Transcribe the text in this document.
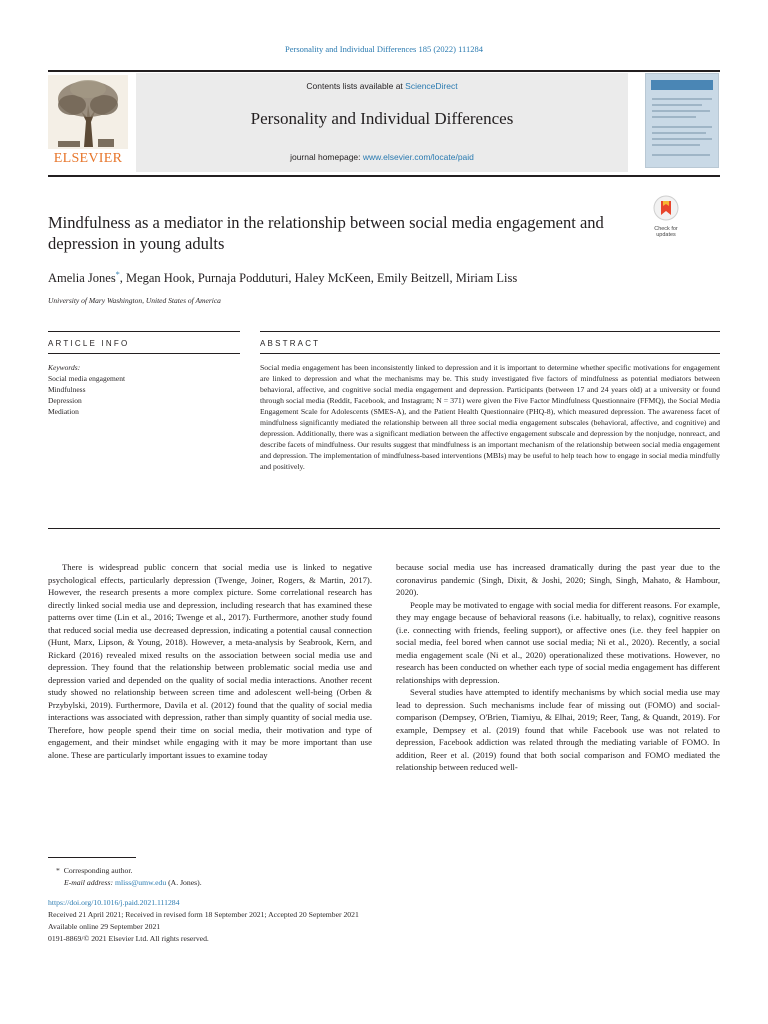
Personality and Individual Differences 185 (2022) 111284
ELSEVIER
Contents lists available at ScienceDirect
Personality and Individual Differences
journal homepage: www.elsevier.com/locate/paid
Mindfulness as a mediator in the relationship between social media engagement and depression in young adults
Check for
updates
Amelia Jones*, Megan Hook, Purnaja Podduturi, Haley McKeen, Emily Beitzell, Miriam Liss
University of Mary Washington, United States of America
ARTICLE INFO	ABSTRACT
Keywords:
Social media engagement
Mindfulness
Depression
Mediation
Social media engagement has been inconsistently linked to depression and it is important to determine whether specific motivations for engagement are linked to depression and what the mechanisms may be. This study investigated five factors of mindfulness as potential mediators between behavioral, affective, and cognitive social media engagement and depression. Participants (between 17 and 24 years old) at a university or found through social media (Reddit, Facebook, and Instagram; N = 371) were given the Five Factor Mindfulness Questionnaire (FFMQ), the Social Media Engagement Scale for Adolescents (SMES-A), and the Patient Health Questionnaire (PHQ-8), which measured depression. The awareness facet of mindfulness significantly mediated the relationship between all three social media engagement subscales (behavioral, affective, and cognitive) and depression. Additionally, there was a significant mediation between the affective engagement subscale and depression by the nonjudge, nonreact, and describe facets of mindfulness. Our results suggest that mindfulness is an important mechanism of the relationship between social media engagement and depression. The implementation of mindfulness-based interventions (MBIs) may be useful to help teach how to engage in social media mindfully and positively.

There is widespread public concern that social media use is linked to negative psychological effects, particularly depression (Twenge, Joiner, Rogers, & Martin, 2017). However, the research presents a more complex picture. Some correlational research has directly linked social media use and depression, including research that has examined these patterns over time (Lin et al., 2016; Twenge et al., 2017). Furthermore, another study found that reduced social media use decreased depression, indicating a potential causal connection (Hunt, Marx, Lipson, & Young, 2018). However, a meta-analysis by Seabrook, Kern, and Rickard (2016) revealed mixed results on the association between social media use and depression. They found that the relationship between problematic social media use and depression varied and depended on the quality of social media interactions. Another recent study showed no relationship between screen time and adolescent well-being (Orben & Przybylski, 2019). Furthermore, Davila et al. (2012) found that the quality of social media interactions was associated with depression, rather than simply quantity of social media use. Therefore, how people spend their time on social media, their motivation and type of engagement, and their mindset while engaging with it may be more important than use alone. These are particularly important issues to examine today

because social media use has increased dramatically during the past year due to the coronavirus pandemic (Singh, Dixit, & Joshi, 2020; Singh, Singh, Mahato, & Hambour, 2020).

People may be motivated to engage with social media for different reasons. For example, they may engage because of behavioral reasons (i.e. habitually, to relax), cognitive reasons (i.e. connecting with friends, feeling support), or affective ones (i.e. they feel happier on social media, feel bored when cannot use social media; Ni et al., 2020). Recently, a social media engagement scale (Ni et al., 2020) operationalized these motivations. However, no research has been conducted on whether each type of social media engagement has different relationships with depression.

Several studies have attempted to identify mechanisms by which social media use may lead to depression. Such mechanisms include fear of missing out (FOMO) and social-comparison (Dempsey, O'Brien, Tiamiyu, & Elhai, 2019; Reer, Tang, & Quandt, 2019). For example, Dempsey et al. (2019) found that while Facebook use was not related to depression, Facebook addiction was related through the mediating variable of FOMO. In addition, Reer et al. (2019) found that both social comparison and FOMO mediated the relationship between reduced well-

* Corresponding author.
E-mail address: mliss@umw.edu (A. Jones).
https://doi.org/10.1016/j.paid.2021.111284
Received 21 April 2021; Received in revised form 18 September 2021; Accepted 20 September 2021
Available online 29 September 2021
0191-8869/© 2021 Elsevier Ltd. All rights reserved.
